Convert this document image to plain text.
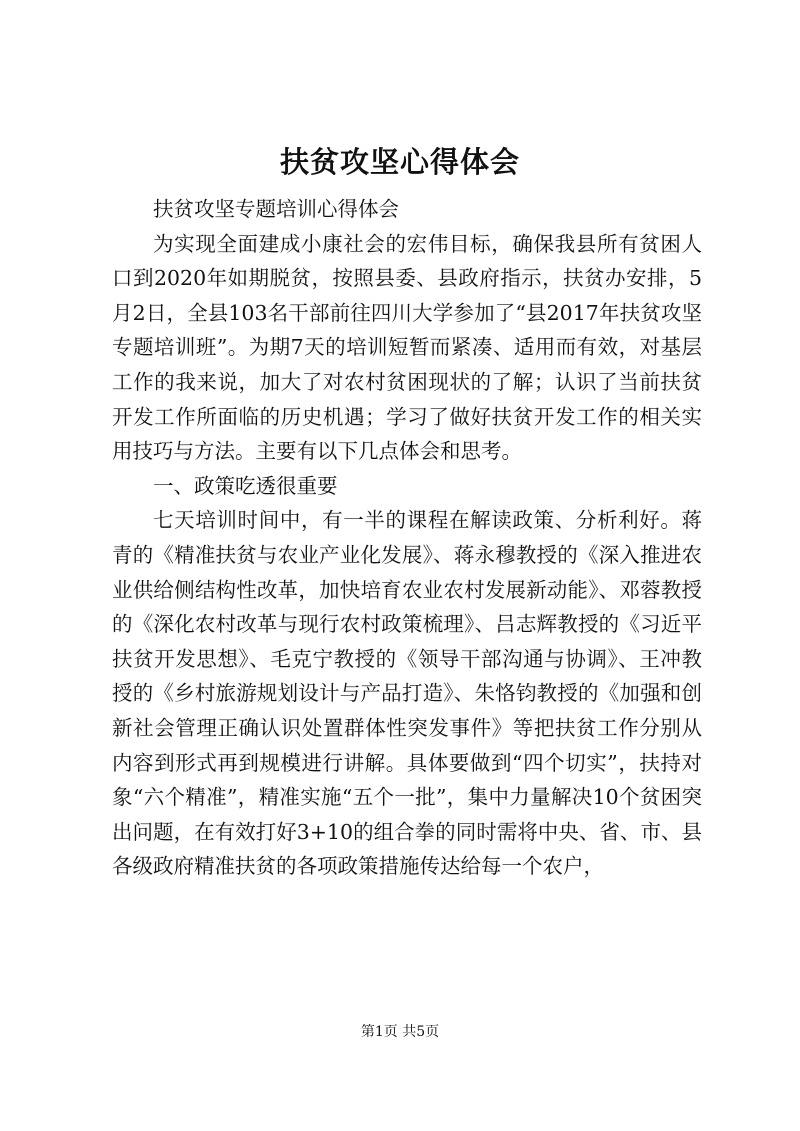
扶贫攻坚心得体会

扶贫攻坚专题培训心得体会

为实现全面建成小康社会的宏伟目标，确保我县所有贫困人口到2020年如期脱贫，按照县委、县政府指示，扶贫办安排，5月2日，全县103名干部前往四川大学参加了“县2017年扶贫攻坚专题培训班”。为期7天的培训短暂而紧凑、适用而有效，对基层工作的我来说，加大了对农村贫困现状的了解；认识了当前扶贫开发工作所面临的历史机遇；学习了做好扶贫开发工作的相关实用技巧与方法。主要有以下几点体会和思考。

一、政策吃透很重要

七天培训时间中，有一半的课程在解读政策、分析利好。蒋青的《精准扶贫与农业产业化发展》、蒋永穆教授的《深入推进农业供给侧结构性改革，加快培育农业农村发展新动能》、邓蓉教授的《深化农村改革与现行农村政策梳理》、吕志辉教授的《习近平扶贫开发思想》、毛克宁教授的《领导干部沟通与协调》、王冲教授的《乡村旅游规划设计与产品打造》、朱恪钧教授的《加强和创新社会管理正确认识处置群体性突发事件》等把扶贫工作分别从内容到形式再到规模进行讲解。具体要做到“四个切实”，扶持对象“六个精准”，精准实施“五个一批”，集中力量解决10个贫困突出问题，在有效打好3+10的组合拳的同时需将中央、省、市、县各级政府精准扶贫的各项政策措施传达给每一个农户，

第1页 共5页
